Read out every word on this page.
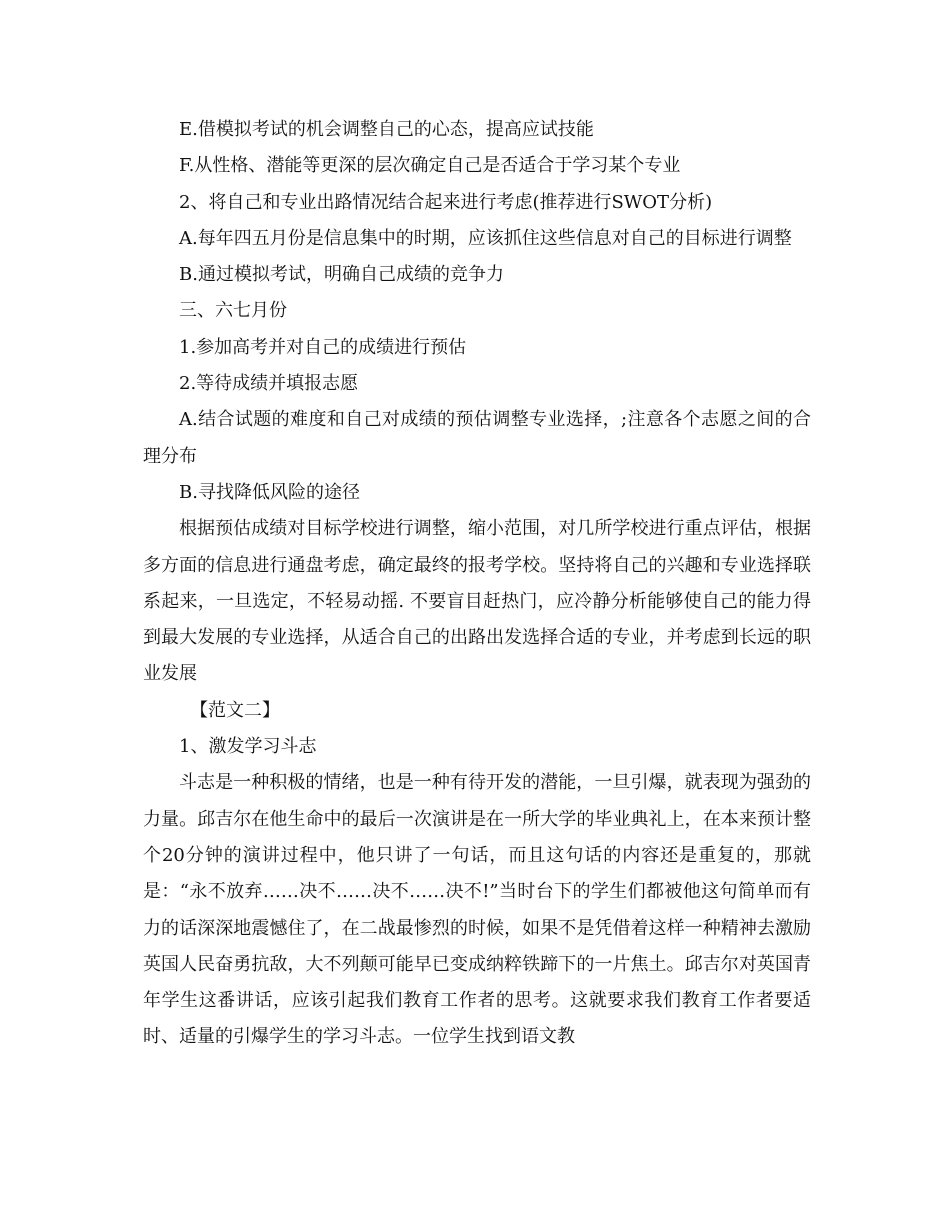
E.借模拟考试的机会调整自己的心态，提高应试技能

F.从性格、潜能等更深的层次确定自己是否适合于学习某个专业

2、将自己和专业出路情况结合起来进行考虑(推荐进行SWOT分析)

A.每年四五月份是信息集中的时期，应该抓住这些信息对自己的目标进行调整

B.通过模拟考试，明确自己成绩的竞争力

三、六七月份

1.参加高考并对自己的成绩进行预估

2.等待成绩并填报志愿

A.结合试题的难度和自己对成绩的预估调整专业选择，;注意各个志愿之间的合理分布

B.寻找降低风险的途径

根据预估成绩对目标学校进行调整，缩小范围，对几所学校进行重点评估，根据多方面的信息进行通盘考虑，确定最终的报考学校。坚持将自己的兴趣和专业选择联系起来，一旦选定，不轻易动摇. 不要盲目赶热门，应冷静分析能够使自己的能力得到最大发展的专业选择，从适合自己的出路出发选择合适的专业，并考虑到长远的职业发展

【范文二】

1、激发学习斗志

斗志是一种积极的情绪，也是一种有待开发的潜能，一旦引爆，就表现为强劲的力量。邱吉尔在他生命中的最后一次演讲是在一所大学的毕业典礼上，在本来预计整个20分钟的演讲过程中，他只讲了一句话，而且这句话的内容还是重复的，那就是：“永不放弃……决不……决不……决不!”当时台下的学生们都被他这句简单而有力的话深深地震憾住了，在二战最惨烈的时候，如果不是凭借着这样一种精神去激励英国人民奋勇抗敌，大不列颠可能早已变成纳粹铁蹄下的一片焦土。邱吉尔对英国青年学生这番讲话，应该引起我们教育工作者的思考。这就要求我们教育工作者要适时、适量的引爆学生的学习斗志。一位学生找到语文教
